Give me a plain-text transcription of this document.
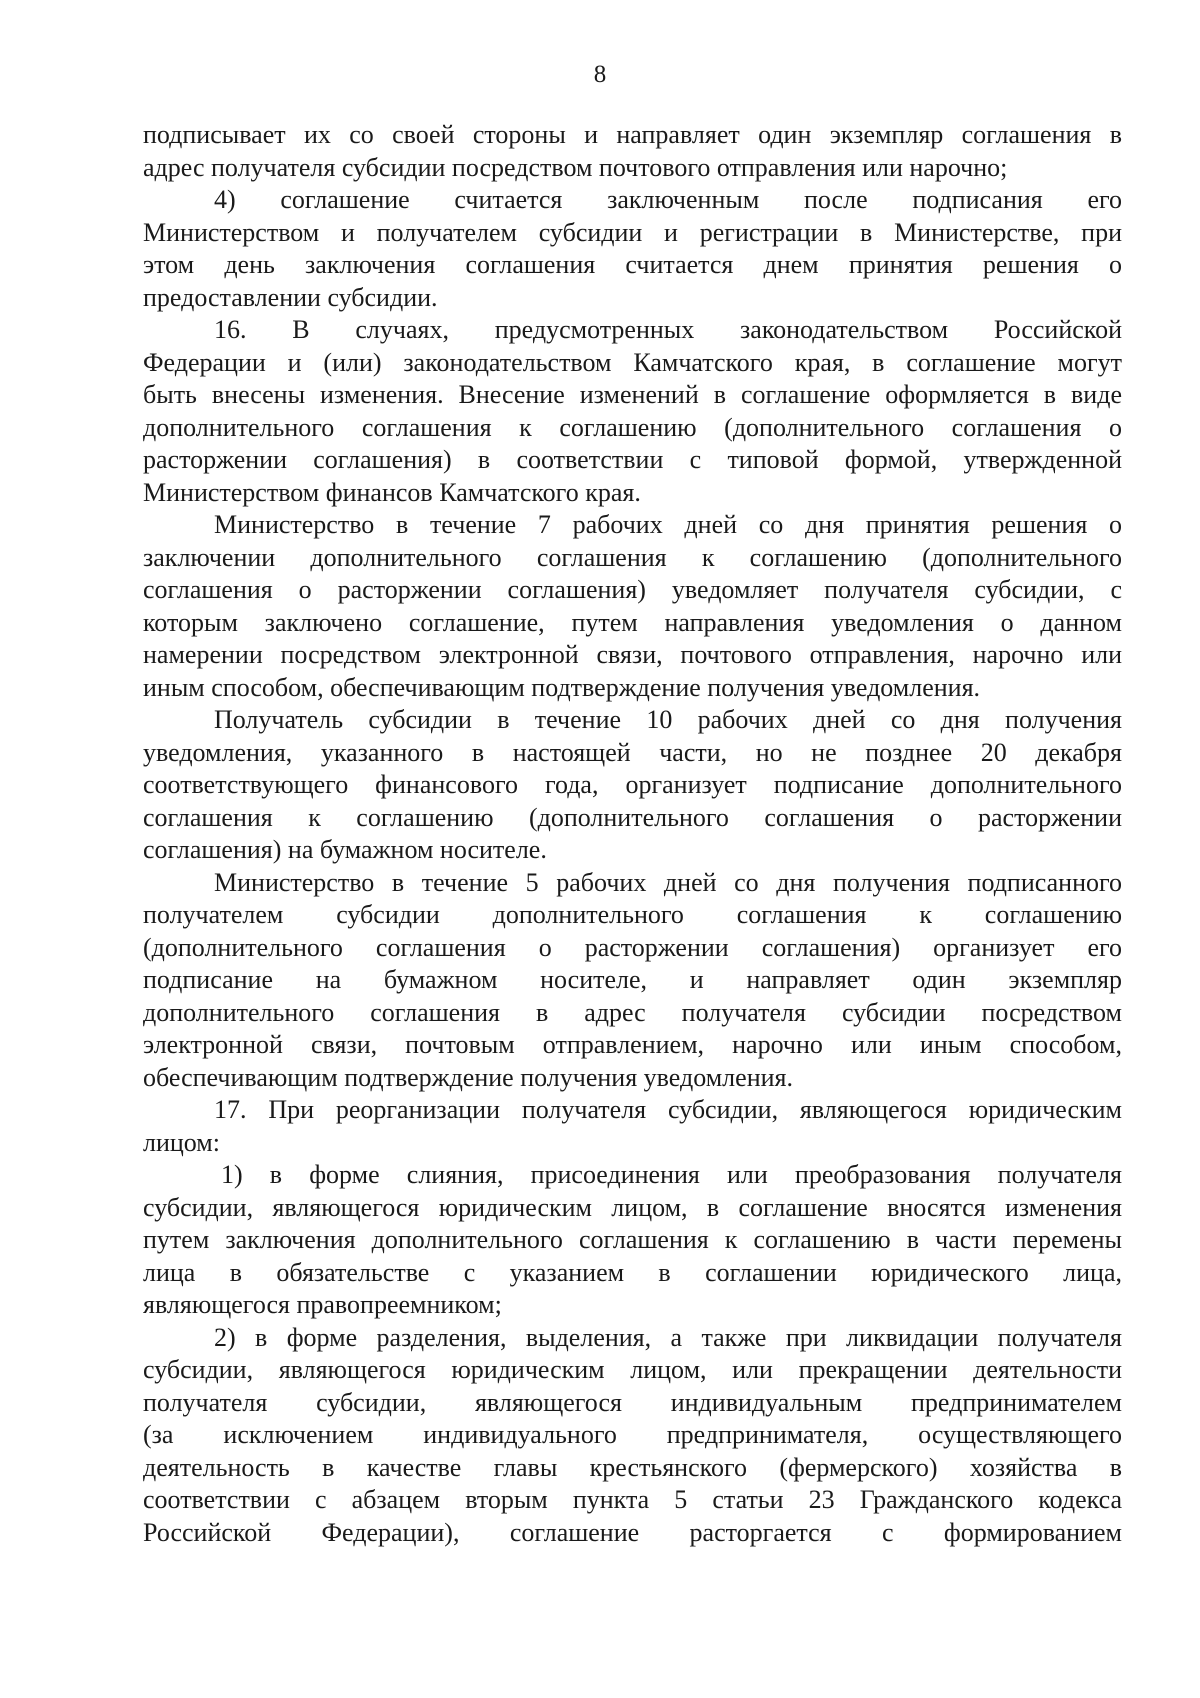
8
подписывает их со своей стороны и направляет один экземпляр соглашения в
адрес получателя субсидии посредством почтового отправления или нарочно;
4) соглашение считается заключенным после подписания его
Министерством и получателем субсидии и регистрации в Министерстве, при
этом день заключения соглашения считается днем принятия решения о
предоставлении субсидии.
16. В случаях, предусмотренных законодательством Российской
Федерации и (или) законодательством Камчатского края, в соглашение могут
быть внесены изменения. Внесение изменений в соглашение оформляется в виде
дополнительного соглашения к соглашению (дополнительного соглашения о
расторжении соглашения) в соответствии с типовой формой, утвержденной
Министерством финансов Камчатского края.
Министерство в течение 7 рабочих дней со дня принятия решения о
заключении дополнительного соглашения к соглашению (дополнительного
соглашения о расторжении соглашения) уведомляет получателя субсидии, с
которым заключено соглашение, путем направления уведомления о данном
намерении посредством электронной связи, почтового отправления, нарочно или
иным способом, обеспечивающим подтверждение получения уведомления.
Получатель субсидии в течение 10 рабочих дней со дня получения
уведомления, указанного в настоящей части, но не позднее 20 декабря
соответствующего финансового года, организует подписание дополнительного
соглашения к соглашению (дополнительного соглашения о расторжении
соглашения) на бумажном носителе.
Министерство в течение 5 рабочих дней со дня получения подписанного
получателем субсидии дополнительного соглашения к соглашению
(дополнительного соглашения о расторжении соглашения) организует его
подписание на бумажном носителе, и направляет один экземпляр
дополнительного соглашения в адрес получателя субсидии посредством
электронной связи, почтовым отправлением, нарочно или иным способом,
обеспечивающим подтверждение получения уведомления.
17. При реорганизации получателя субсидии, являющегося юридическим
лицом:
1) в форме слияния, присоединения или преобразования получателя
субсидии, являющегося юридическим лицом, в соглашение вносятся изменения
путем заключения дополнительного соглашения к соглашению в части перемены
лица в обязательстве с указанием в соглашении юридического лица,
являющегося правопреемником;
2) в форме разделения, выделения, а также при ликвидации получателя
субсидии, являющегося юридическим лицом, или прекращении деятельности
получателя субсидии, являющегося индивидуальным предпринимателем
(за исключением индивидуального предпринимателя, осуществляющего
деятельность в качестве главы крестьянского (фермерского) хозяйства в
соответствии с абзацем вторым пункта 5 статьи 23 Гражданского кодекса
Российской Федерации), соглашение расторгается с формированием
